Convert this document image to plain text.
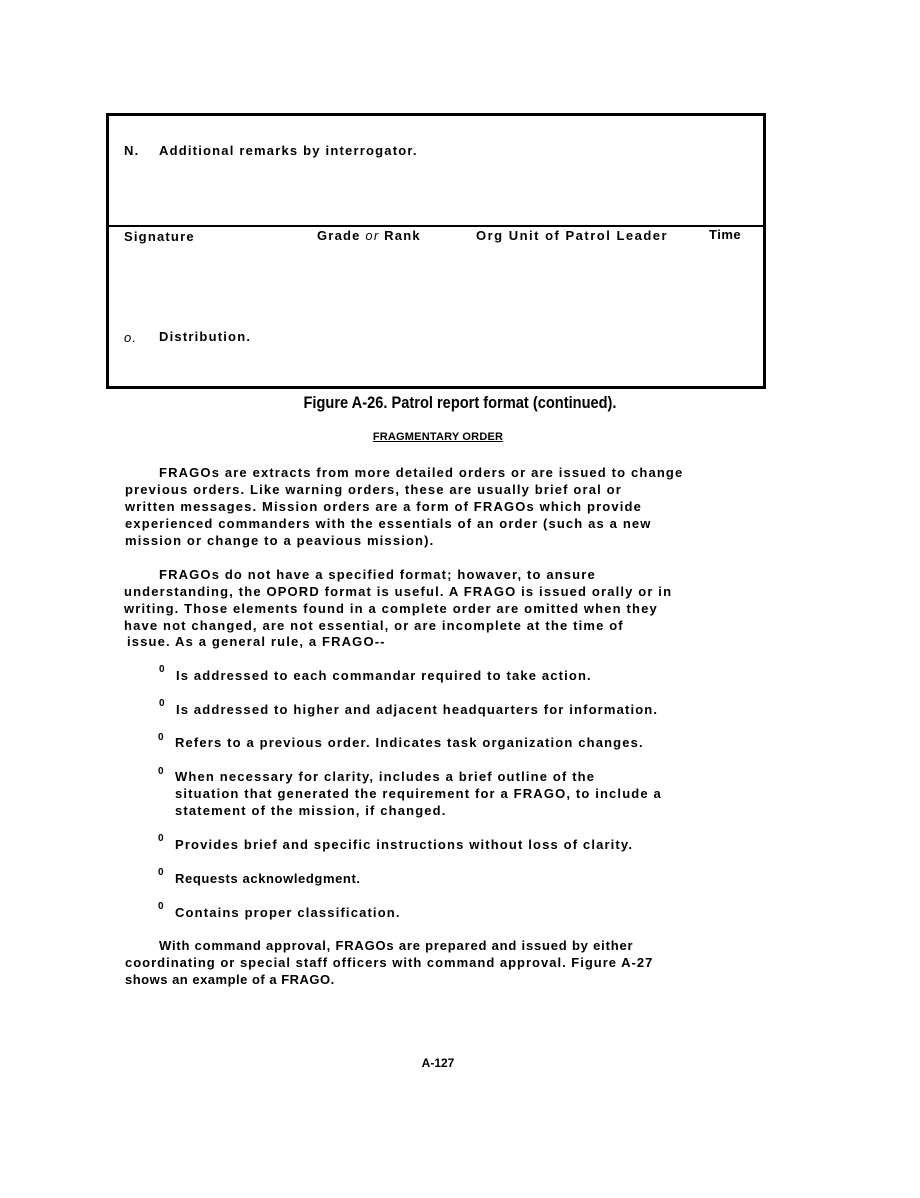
N. Additional remarks by interrogator.
Signature	Grade or Rank	Org Unit of Patrol Leader	Time
o. Distribution.
Figure A-26. Patrol report format (continued).
FRAGMENTARY ORDER
FRAGOs are extracts from more detailed orders or are issued to change
previous orders. Like warning orders, these are usually brief oral or
written messages. Mission orders are a form of FRAGOs which provide
experienced commanders with the essentials of an order (such as a new
mission or change to a peavious mission).
FRAGOs do not have a specified format; howaver, to ansure
understanding, the OPORD format is useful. A FRAGO is issued orally or in
writing. Those elements found in a complete order are omitted when they
have not changed, are not essential, or are incomplete at the time of
issue. As a general rule, a FRAGO--
0 Is addressed to each commandar required to take action.
0 Is addressed to higher and adjacent headquarters for information.
0 Refers to a previous order. Indicates task organization changes.
0 When necessary for clarity, includes a brief outline of the
situation that generated the requirement for a FRAGO, to include a
statement of the mission, if changed.
0 Provides brief and specific instructions without loss of clarity.
0 Requests acknowledgment.
0 Contains proper classification.
With command approval, FRAGOs are prepared and issued by either
coordinating or special staff officers with command approval. Figure A-27
shows an example of a FRAGO.
A-127
